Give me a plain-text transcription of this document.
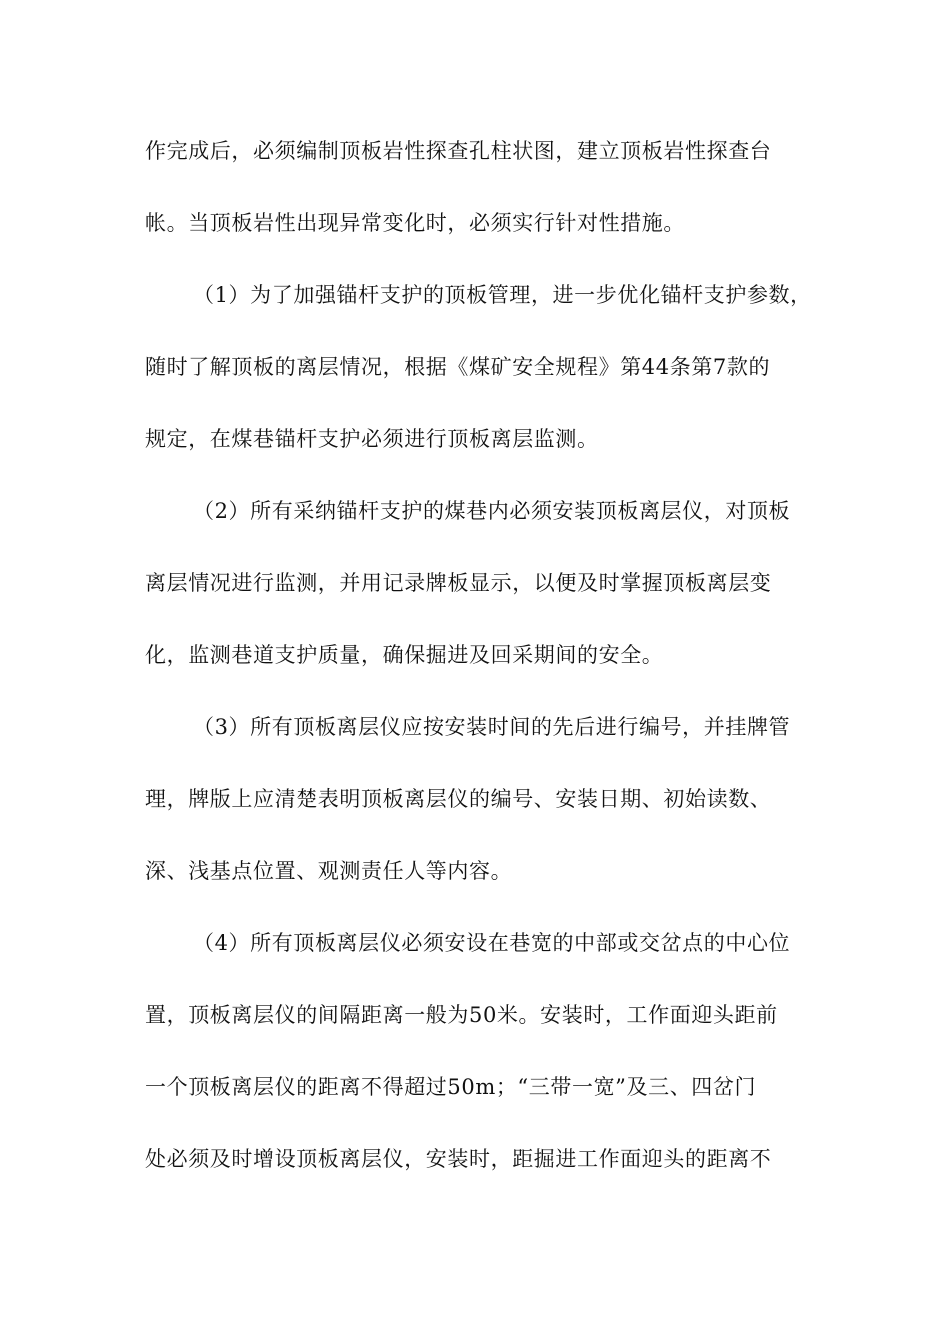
作完成后，必须编制顶板岩性探查孔柱状图，建立顶板岩性探查台
帐。当顶板岩性出现异常变化时，必须实行针对性措施。
（1）为了加强锚杆支护的顶板管理，进一步优化锚杆支护参数，
随时了解顶板的离层情况，根据《煤矿安全规程》第44条第7款的
规定，在煤巷锚杆支护必须进行顶板离层监测。
（2）所有采纳锚杆支护的煤巷内必须安装顶板离层仪，对顶板
离层情况进行监测，并用记录牌板显示，以便及时掌握顶板离层变
化，监测巷道支护质量，确保掘进及回采期间的安全。
（3）所有顶板离层仪应按安装时间的先后进行编号，并挂牌管
理，牌版上应清楚表明顶板离层仪的编号、安装日期、初始读数、
深、浅基点位置、观测责任人等内容。
（4）所有顶板离层仪必须安设在巷宽的中部或交岔点的中心位
置，顶板离层仪的间隔距离一般为50米。安装时，工作面迎头距前
一个顶板离层仪的距离不得超过50m；“三带一宽”及三、四岔门
处必须及时增设顶板离层仪，安装时，距掘进工作面迎头的距离不
